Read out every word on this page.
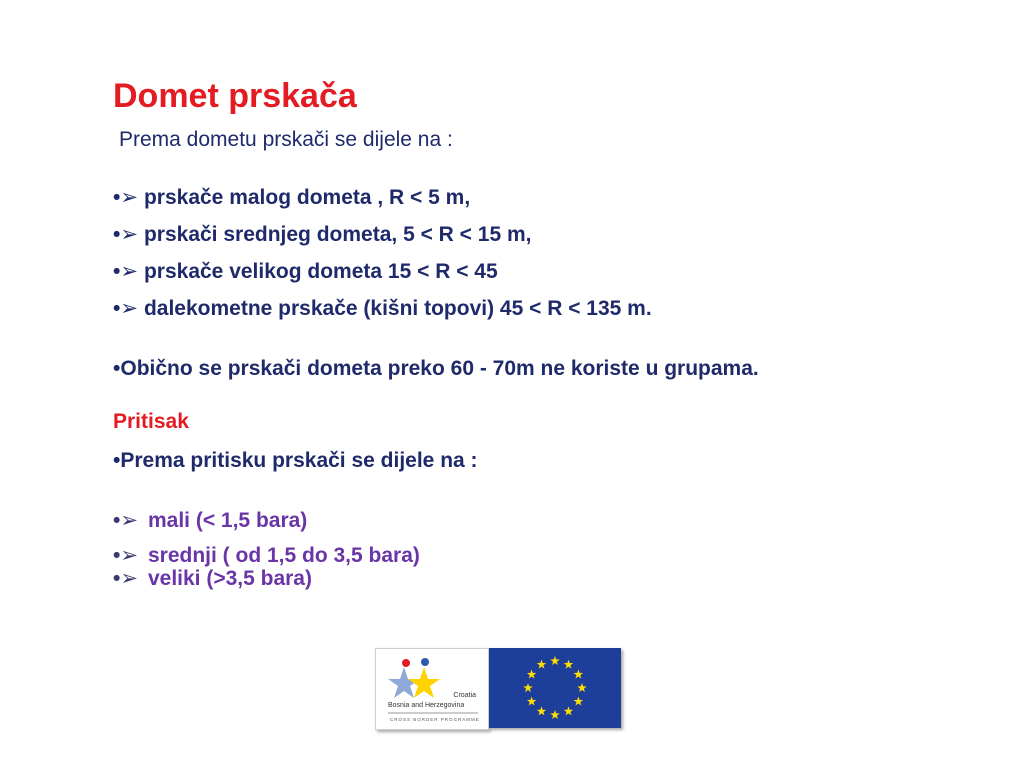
Domet prskača
Prema dometu prskači se dijele na :
•➢ prskače malog dometa , R < 5 m,
•➢ prskači srednjeg dometa, 5 < R < 15 m,
•➢ prskače velikog dometa 15 < R < 45
•➢ dalekometne prskače (kišni topovi) 45 < R < 135 m.
•Obično se prskači dometa preko 60 - 70m ne koriste u grupama.
Pritisak
•Prema pritisku prskači se dijele na :
•➢ mali (< 1,5 bara)
•➢ srednji ( od 1,5 do 3,5 bara)
•➢ veliki (>3,5 bara)
Croatia
Bosnia and Herzegovina
CROSS BORDER PROGRAMME
